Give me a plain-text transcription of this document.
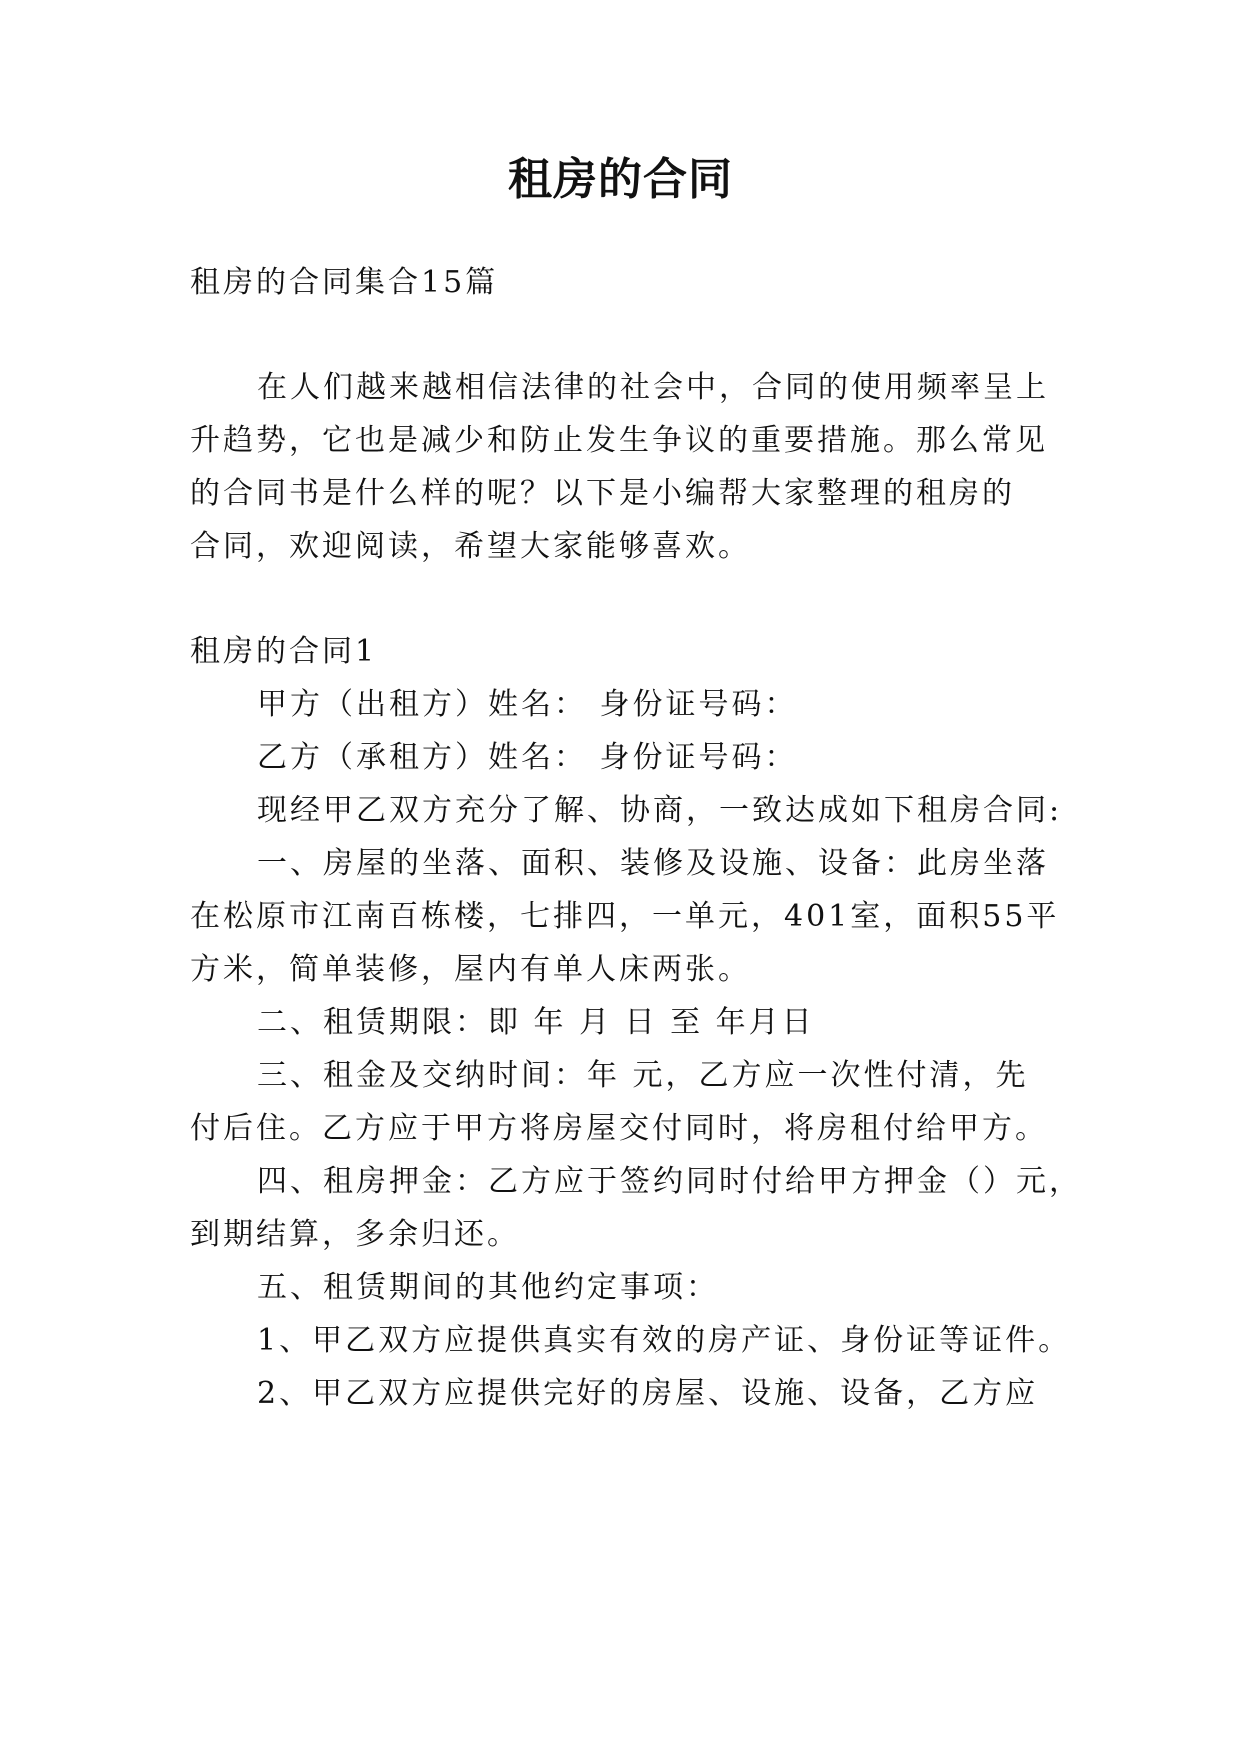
租房的合同
租房的合同集合15篇
在人们越来越相信法律的社会中，合同的使用频率呈上
升趋势，它也是减少和防止发生争议的重要措施。那么常见
的合同书是什么样的呢？以下是小编帮大家整理的租房的
合同，欢迎阅读，希望大家能够喜欢。
租房的合同1
甲方（出租方）姓名： 身份证号码：
乙方（承租方）姓名： 身份证号码：
现经甲乙双方充分了解、协商，一致达成如下租房合同:
一、房屋的坐落、面积、装修及设施、设备：此房坐落
在松原市江南百栋楼，七排四，一单元，401室，面积55平
方米，简单装修，屋内有单人床两张。
二、租赁期限：即 年 月 日 至 年月日
三、租金及交纳时间：年 元，乙方应一次性付清，先
付后住。乙方应于甲方将房屋交付同时，将房租付给甲方。
四、租房押金：乙方应于签约同时付给甲方押金（）元，
到期结算，多余归还。
五、租赁期间的其他约定事项：
1、甲乙双方应提供真实有效的房产证、身份证等证件。
2、甲乙双方应提供完好的房屋、设施、设备，乙方应
